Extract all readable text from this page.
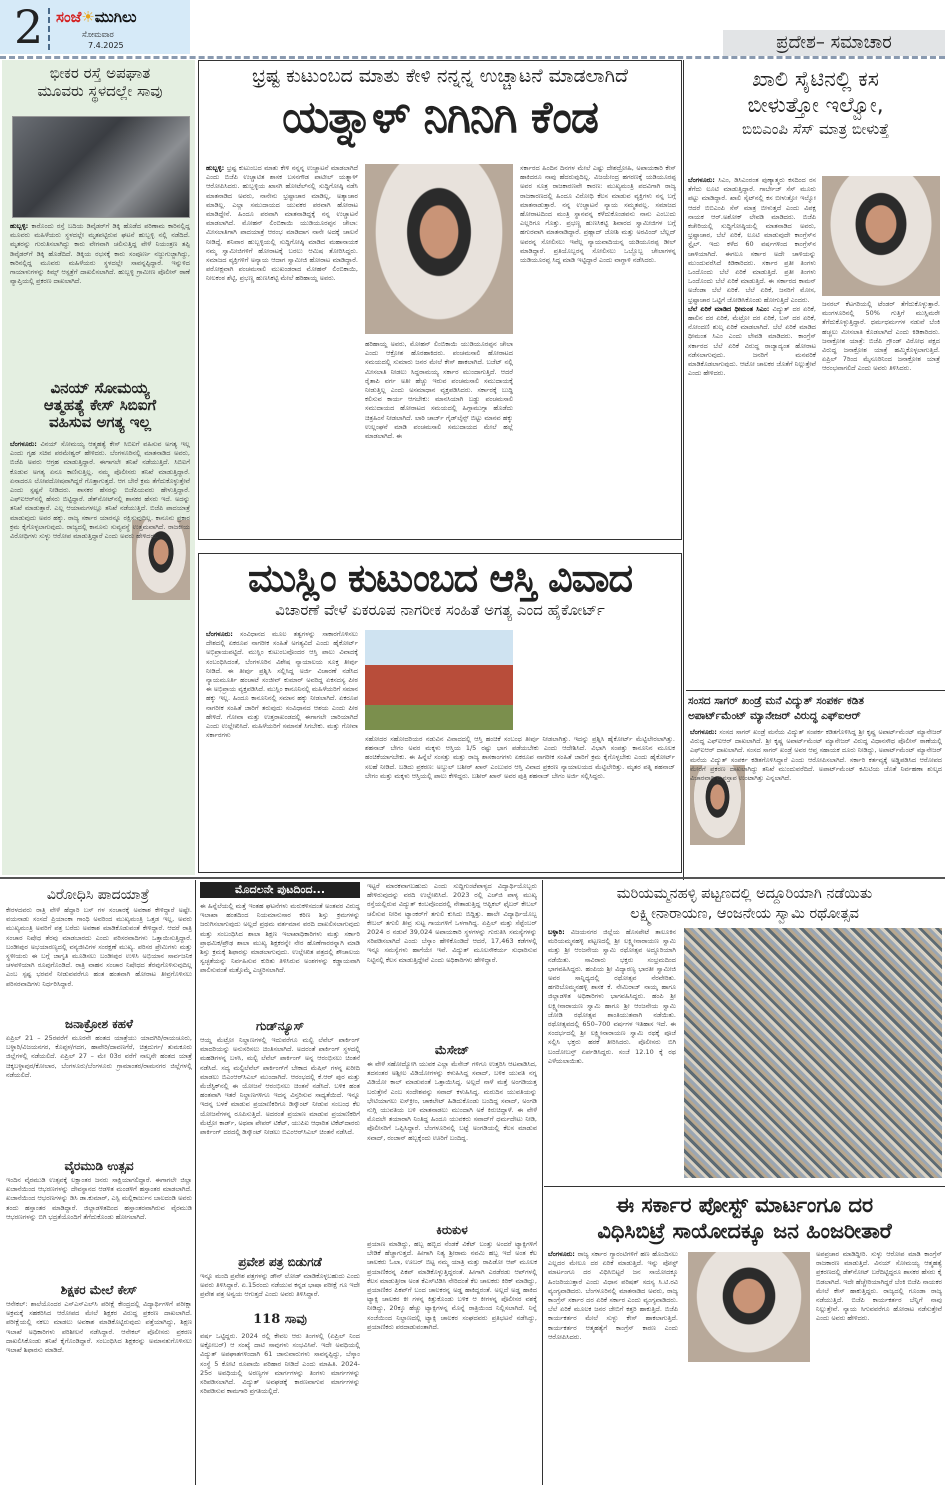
2 ಸಂಜೆ☀ಮುಗಿಲು
ಸೋಮವಾರ
7.4.2025	ಪ್ರದೇಶ– ಸಮಾಚಾರ
ಭೀಕರ ರಸ್ತೆ ಅಪಘಾತ
ಮೂವರು ಸ್ಥಳದಲ್ಲೇ ಸಾವು
ಹುಬ್ಬಳ್ಳಿ: ಕಾರೊಂದು ರಸ್ತೆ ಬದಿಯ ಡಿವೈಡರ್‌ಗೆ ಡಿಕ್ಕಿ ಹೊಡೆದ ಪರಿಣಾಮ ಕಾರಿನಲ್ಲಿದ್ದ ಮೂವರು ಮಹಿಳೆಯರು ಸ್ಥಳದಲ್ಲೇ ಮೃತಪಟ್ಟಿರುವ ಘಟನೆ ಹುಬ್ಬಳ್ಳಿ ನಲ್ಲಿ ನಡೆದಿದೆ. ಮೃತರನ್ನು ಗುರುತಿಸಲಾಗಿದ್ದು ಕಾರು ವೇಗವಾಗಿ ಚಲಿಸುತ್ತಿದ್ದ ವೇಳೆ ನಿಯಂತ್ರಣ ತಪ್ಪಿ ಡಿವೈಡರ್‌ಗೆ ಡಿಕ್ಕಿ ಹೊಡೆದಿದೆ. ಡಿಕ್ಕಿಯ ರಭಸಕ್ಕೆ ಕಾರು ಸಂಪೂರ್ಣ ನಜ್ಜುಗುಜ್ಜಾಗಿದ್ದು, ಕಾರಿನಲ್ಲಿದ್ದ ಮೂವರು ಮಹಿಳೆಯರು ಸ್ಥಳದಲ್ಲೇ ಸಾವನ್ನಪ್ಪಿದ್ದಾರೆ. ಇನ್ನುಳಿದ ಗಾಯಾಳುಗಳನ್ನು ಕಿಮ್ಸ್ ಆಸ್ಪತ್ರೆಗೆ ದಾಖಲಿಸಲಾಗಿದೆ. ಹುಬ್ಬಳ್ಳಿ ಗ್ರಾಮೀಣ ಪೊಲೀಸ್ ಠಾಣೆ ವ್ಯಾಪ್ತಿಯಲ್ಲಿ ಪ್ರಕರಣ ದಾಖಲಾಗಿದೆ.
ವಿನಯ್ ಸೋಮಯ್ಯ
ಆತ್ಮಹತ್ಯೆ ಕೇಸ್ ಸಿಬಿಐಗೆ
ವಹಿಸುವ ಅಗತ್ಯ ಇಲ್ಲ
ಬೆಂಗಳೂರು: ವಿನಯ್ ಸೋಮಯ್ಯ ಆತ್ಮಹತ್ಯೆ ಕೇಸ್ ಸಿಬಿಐಗೆ ವಹಿಸುವ ಅಗತ್ಯ ಇಲ್ಲ ಎಂದು ಗೃಹ ಸಚಿವ ಪರಮೇಶ್ವರ್ ಹೇಳಿದರು. ಬೆಂಗಳೂರಿನಲ್ಲಿ ಮಾತನಾಡಿದ ಅವರು, ಬಿಜೆಪಿ ಅವರು ಆಗ್ರಹ ಮಾಡುತ್ತಿದ್ದಾರೆ. ಈಗಾಗಲೇ ತನಿಖೆ ನಡೆಯುತ್ತಿದೆ. ಸಿಬಿಐಗೆ ಕೊಡುವ ಅಗತ್ಯ ಏನೂ ಕಾಣಿಸುತ್ತಿಲ್ಲ. ನಮ್ಮ ಪೊಲೀಸರು ತನಿಖೆ ಮಾಡುತ್ತಿದ್ದಾರೆ. ಏನಾದರೂ ಲೋಪದೋಷವಾಗಿದ್ದರೆ ಗೊತ್ತಾಗುತ್ತದೆ. ಆಗ ಬೇರೆ ಕ್ರಮ ತೆಗೆದುಕೊಳ್ಳುತ್ತೇವೆ ಎಂದು ಸ್ಪಷ್ಟನೆ ನೀಡಿದರು. ಶಾಸಕರ ಹೆಸರನ್ನು ಬಿಜೆಪಿಯವರು ಹೇಳುತ್ತಿದ್ದಾರೆ. ಎಫ್‌ಐಆರ್‌ನಲ್ಲಿ ಹೆಸರು ಬಿಟ್ಟಿದ್ದಾರೆ. ಡೆತ್‌ನೋಟ್‌ನಲ್ಲಿ ಶಾಸಕರ ಹೆಸರು ಇದೆ. ಅದನ್ನು ತನಿಖೆ ಮಾಡುತ್ತಾರೆ. ಎಲ್ಲ ಆಯಾಮಗಳಲ್ಲೂ ತನಿಖೆ ನಡೆಯುತ್ತಿದೆ. ಬಿಜೆಪಿ ಪಾದಯಾತ್ರೆ ಮಾಡುವುದು ಅವರ ಹಕ್ಕು. ರಾಜ್ಯ ಸರ್ಕಾರ ಯಾರನ್ನೂ ರಕ್ಷಿಸುವುದಿಲ್ಲ. ಕಾನೂನು ಪ್ರಕಾರ ಕ್ರಮ ಕೈಗೊಳ್ಳಲಾಗುವುದು. ರಾಜ್ಯದಲ್ಲಿ ಕಾನೂನು ಸುವ್ಯವಸ್ಥೆ ಉತ್ತಮವಾಗಿದೆ. ರಾಜಕೀಯ ವಿರೋಧಿಗಳು ಸುಳ್ಳು ಆರೋಪ ಮಾಡುತ್ತಿದ್ದಾರೆ ಎಂದು ಅವರು ಹೇಳಿದರು.
ಭ್ರಷ್ಟ ಕುಟುಂಬದ ಮಾತು ಕೇಳಿ ನನ್ನನ್ನ ಉಚ್ಚಾಟನೆ ಮಾಡಲಾಗಿದೆ
ಯತ್ನಾಳ್ ನಿಗಿನಿಗಿ ಕೆಂಡ
ಹುಬ್ಬಳ್ಳಿ: ಭ್ರಷ್ಟ ಕುಟುಂಬದ ಮಾತು ಕೇಳಿ ನನ್ನನ್ನ ಉಚ್ಚಾಟನೆ ಮಾಡಲಾಗಿದೆ ಎಂದು ಬಿಜೆಪಿ ಉಚ್ಚಾಟಿತ ಶಾಸಕ ಬಸನಗೌಡ ಪಾಟೀಲ್ ಯತ್ನಾಳ್ ಆರೋಪಿಸಿದರು. ಹುಬ್ಬಳ್ಳಿಯ ಖಾಸಗಿ ಹೋಟೆಲ್‌ನಲ್ಲಿ ಸುದ್ದಿಗೋಷ್ಠಿ ನಡೆಸಿ ಮಾತನಾಡಿದ ಅವರು, ನಾನೇನು ಭ್ರಷ್ಟಾಚಾರ ಮಾಡಿಲ್ಲ, ಅತ್ಯಾಚಾರ ಮಾಡಿಲ್ಲ. ಎಲ್ಲಾ ಸಮುದಾಯದ ಯುವಕರ ಪರವಾಗಿ ಹೋರಾಟ ಮಾಡಿದ್ದೇನೆ. ಹಿಂದೂ ಪರವಾಗಿ ಮಾತನಾಡಿದ್ದಕ್ಕೆ ನನ್ನ ಉಚ್ಚಾಟನೆ ಮಾಡಲಾಗಿದೆ. ಮೋಹನ್ ಲಿಂಬಿಕಾಯಿ ಯುಡಿಯೂರಪ್ಪನ ಚೇಲಾ: ಮೀಸಲಾತಿಗಾಗಿ ಪಾದಯಾತ್ರೆ ಆರಂಭ ಮಾಡಿದಾಗ ನಾನೇ ಅದಕ್ಕೆ ಚಾಲನೆ ನೀಡಿದ್ದೆ. ಶನಿವಾರ ಹುಬ್ಬಳ್ಳಿಯಲ್ಲಿ ಸುದ್ದಿಗೋಷ್ಠಿ ಮಾಡಿದ ಮಹಾನಾಯಕ ನಮ್ಮ ಸ್ವಾಮೀಜಿಗಳಿಗೆ ಹೋರಾಟಕ್ಕೆ ಬರಲು ಆಮಿಷ ತೋರಿಸಿದ್ದರು. ಸಮಾಜದ ವ್ಯಕ್ತಿಗಳಿಗೆ ಅನ್ಯಾಯ ಆದಾಗ ಸ್ವಾಮೀಜಿ ಹೋರಾಟ ಮಾಡಿದ್ದಾರೆ. ಪರೋಕ್ಷವಾಗಿ ಪಂಚಮಸಾಲಿ ಮುಖಂಡರಾದ ಮೋಹನ್ ಲಿಂಬಿಕಾಯಿ, ನೀಲಕಂಠ ಶೆಟ್ಟಿ, ಪ್ರಭಣ್ಣ ಹುಣಸಿಕಟ್ಟಿ ಮೇಲೆ ಹರಿಹಾಯ್ದ ಅವರು.
ಹರಿಹಾಯ್ದ ಅವರು, ಮೋಹನ್ ಲಿಂಬಿಕಾಯಿ ಯುಡಿಯೂರಪ್ಪನ ಚೇಲಾ ಎಂದು ಆಕ್ರೋಶ ಹೊರಹಾಕಿದರು. ಪಂಚಮಸಾಲಿ ಹೋರಾಟದ ಸಮಯದಲ್ಲಿ ಸುಮಾರು ಜನರ ಮೇಲೆ ಕೇಸ್ ಹಾಕಲಾಗಿದೆ. ಬಜೆಟ್ ನಲ್ಲಿ ಮೀಸಲಾತಿ ನೀಡಲು ಸಿದ್ದರಾಮಯ್ಯ ಸರ್ಕಾರ ಮುಂದಾಗುತ್ತಿದೆ. ಆದರೆ ರೈತಾಪಿ ವರ್ಗ ಅತೀ ಹೆಚ್ಚು ಇರುವ ಪಂಚಮಸಾಲಿ ಸಮುದಾಯಕ್ಕೆ ನೀಡುತ್ತಿಲ್ಲ ಎಂದು ಅಸಮಾಧಾನ ವ್ಯಕ್ತಪಡಿಸಿದರು. ಸರ್ಕಾರಕ್ಕೆ ಬುದ್ಧಿ ಕಲಿಸುವ ಕಾರ್ಯ ಆಗಬೇಕು: ಮಾನಸಿಯಾಗಿ ಬಡ್ಡು ಪಂಚಮಸಾಲಿ ಸಮುದಾಯದ ಹೋರಾಟದ ಸಮಯದಲ್ಲಿ ಹಿಗ್ಗಾಮುಗ್ಗಾ ಹೊಡೆದು ಚಿತ್ರಹಿಂಸೆ ನೀಡಲಾಗಿದೆ. ಲಾಠಿ ಚಾರ್ಜ್ ಗೈಡ್‌ಲೈನ್ಸ್ ಬಿಟ್ಟು ಮಾನವ ಹಕ್ಕು ಉಲ್ಲಂಘನೆ ಮಾಡಿ ಪಂಚಮಸಾಲಿ ಸಮುದಾಯದ ಮೇಲೆ ಹಲ್ಲೆ ಮಾಡಲಾಗಿದೆ. ಈ
ಸರ್ಕಾರದ ಹಿಂದಿನ ದಿನಗಳ ಮೇಲೆ ಎಷ್ಟು ದೇಶದ್ರೋಹಿ, ಅಪಾಯಕಾರಿ ಕೇಸ್ ಹಾಕಿದರೂ ನಾವು ಹೆದರುವುದಿಲ್ಲ. ವಿಜಯೇಂದ್ರ ಹಗರಣಕ್ಕೆ ಯಡಿಯೂರಪ್ಪ ಅವರ ಸೂತ್ರ ರಾಜಕಾರಣವೇ ಕಾರಣ: ಮುಖ್ಯಮಂತ್ರಿ ಪದವಿಗಾಗಿ ರಾಜ್ಯ ರಾಜಕಾರಣದಲ್ಲಿ ಹಿಂದೂ ವಿರೋಧಿ ಕೆಲಸ ಮಾಡುವ ವ್ಯಕ್ತಿಗಳು ನನ್ನ ಬಗ್ಗೆ ಮಾತನಾಡುತ್ತಾರೆ. ನನ್ನ ಉಚ್ಚಾಟನೆ ನ್ಯಾಯ ಸಮ್ಮತವಲ್ಲ. ಸಮಾಜದ ಹೋರಾಟದಿಂದ ಮಂತ್ರಿ ಸ್ಥಾನವನ್ನ ಕಳೆದುಕೊಂಡವನು ನಾನು ಎಂಬುದು ಎಲ್ಲರಿಗೂ ಗೊತ್ತು. ಪ್ರಭಣ್ಣ ಹುಣಸಿಕಟ್ಟಿ ಶಿವಾರದ ಸ್ವಾಮೀಜಿಗಳ ಬಗ್ಗೆ ಹಗುರವಾಗಿ ಮಾತನಾಡಿದ್ದಾರೆ. ಪ್ರಹ್ಲಾದ್ ಜೋಶಿ ಮತ್ತು ಅರವಿಂದ್ ಬೆಲ್ಲದ್ ಅವರನ್ನ ಸೋಲಿಸಲು ಇವೆಲ್ಲ ನ್ಯಾಯವಾದಿಯನ್ನ ಯಡಿಯೂರಪ್ಪ ಡೀಲ್ ಮಾಡಿದ್ದಾರೆ. ಪ್ರತಿಯೊಬ್ಬರನ್ನ ಸೋಲಿಸಲು ಒಬ್ಬೊಬ್ಬ ಚೇಲಾಗಳನ್ನ ಯಡಿಯೂರಪ್ಪ ಸಿದ್ಧ ಮಾಡಿ ಇಟ್ಟಿದ್ದಾರೆ ಎಂದು ವಾಗ್ದಾಳಿ ನಡೆಸಿದರು.
ಖಾಲಿ ಸೈಟಿನಲ್ಲಿ ಕಸ
ಬೀಳುತ್ತೋ ಇಲ್ವೋ,
ಬಿಬಿಎಂಪಿ ಸೆಸ್ ಮಾತ್ರ ಬೀಳುತ್ತೆ
ಬೆಂಗಳೂರು: ಸಿಎಂ, ಡಿಸಿಎಂರಂತ ಪುಣ್ಯಾತ್ಮರು ಕಸದಿಂದ ರಸ ತೆಗೆದು ಲೂಟಿ ಮಾಡುತ್ತಿದ್ದಾರೆ. ಗಾರ್ಬೇಜ್ ಸೆಸ್ ಮೂರು ಪಟ್ಟು ಮಾಡಿದ್ದಾರೆ. ಖಾಲಿ ಸೈಟ್‌ನಲ್ಲಿ ಕಸ ಬೀಳುತ್ತೋ ಇಲ್ವೋ ಆದರೆ ಬಿಬಿಎಂಪಿ ಸೆಸ್ ಮಾತ್ರ ಬೀಳುತ್ತದೆ ಎಂದು ವಿಪಕ್ಷ ನಾಯಕ ಆರ್.ಅಶೋಕ್ ಲೇವಡಿ ಮಾಡಿದರು. ಬಿಜೆಪಿ ಕಚೇರಿಯಲ್ಲಿ ಸುದ್ದಿಗೋಷ್ಠಿಯಲ್ಲಿ ಮಾತನಾಡಿದ ಅವರು, ಭ್ರಷ್ಟಾಚಾರ, ಬೆಲೆ ಏರಿಕೆ, ಲೂಟಿ ಮಾಡುವುದೇ ಕಾಂಗ್ರೆಸ್‌ನ ಸ್ಟೈಲ್. ಇದು ಕಳೆದ 60 ವರ್ಷಗಳಿಂದ ಕಾಂಗ್ರೆಸ್‌ನ ಚಾಳಿಯಾಗಿದೆ. ಈಗಲೂ ಸರ್ಕಾರ ಅದೇ ಚಾಳಿಯನ್ನು ಮುಂದುವರೆಸಿದೆ ಕಿಡಿಕಾರಿದರು. ಸರ್ಕಾರ ಪ್ರತೀ ತಿಂಗಳು ಒಂದೊಂದು ಬೆಲೆ ಏರಿಕೆ ಮಾಡುತ್ತಿದೆ. ಪ್ರತೀ ತಿಂಗಳು ಒಂದೊಂದು ಬೆಲೆ ಏರಿಕೆ ಮಾಡುತ್ತಿದೆ. ಈ ಸರ್ಕಾರದ ಕಾಮನ್ ಅಜೆಂಡಾ ಬೆಲೆ ಏರಿಕೆ. ಬೆಲೆ ಏರಿಕೆ, ಜನರಿಗೆ ಮೋಸ, ಭ್ರಷ್ಟಾಚಾರ ಒಟ್ಟಿಗೆ ಜೋಡಿಸಿಕೊಂಡು ಹೋಗುತ್ತಿದೆ ಎಂದರು.
ಬೆಲೆ ಏರಿಕೆ ಮಾಡಿದ ಧೀಮಂತ ಸಿಎಂ: ವಿದ್ಯುತ್ ದರ ಏರಿಕೆ, ಹಾಲಿನ ದರ ಏರಿಕೆ, ಮೆಟ್ರೋ ದರ ಏರಿಕೆ, ಬಸ್ ದರ ಏರಿಕೆ, ನೋಂದಣಿ ಶುಲ್ಕ ಏರಿಕೆ ಮಾಡಲಾಗಿದೆ. ಬೆಲೆ ಏರಿಕೆ ಮಾಡಿದ ಧೀಮಂತ ಸಿಎಂ ಎಂದು ಲೇವಡಿ ಮಾಡಿದರು. ಕಾಂಗ್ರೆಸ್ ಸರ್ಕಾರದ ಬೆಲೆ ಏರಿಕೆ ವಿರುದ್ಧ ರಾಜ್ಯಾದ್ಯಂತ ಹೋರಾಟ ನಡೆಸಲಾಗುವುದು. ಜನರಿಗೆ ಮನವರಿಕೆ ಮಾಡಿಕೊಡಲಾಗುವುದು. ಆಟೋ ಚಾಲಕರ ಜೊತೆಗೆ ನಿಲ್ಲುತ್ತೇವೆ ಎಂದು ಹೇಳಿದರು.
ಜನರಲ್ ಕೆಟಗರಿಯಲ್ಲಿ ಟೆಂಡರ್ ತೆಗೆದುಕೊಳ್ಳುತ್ತಾರೆ. ಮಂಗಳೂರಿನಲ್ಲಿ 50% ಗುತ್ತಿಗೆ ಮುಸ್ಲಿಮರೇ ತೆಗೆದುಕೊಳ್ಳುತ್ತಿದ್ದಾರೆ. ಧರ್ಮಧರ್ಮಗಳ ನಡುವೆ ಬೆಂಕಿ ಹಚ್ಚಲು ಮೀಸಲಾತಿ ಕೊಡಲಾಗಿದೆ ಎಂದು ಕಿಡಿಕಾರಿದರು. ಜನಾಕ್ರೋಶ ಯಾತ್ರೆ: ಬಿಜೆಪಿ ಗ್ರೌಂಡ್ ವಿರೋಧ ಪಕ್ಷದ ವಿರುದ್ಧ ಜನಾಕ್ರೋಶ ಯಾತ್ರೆ ಹಮ್ಮಿಕೊಳ್ಳಲಾಗುತ್ತಿದೆ. ಏಪ್ರಿಲ್ 7ರಿಂದ ಮೈಸೂರಿನಿಂದ ಜನಾಕ್ರೋಶ ಯಾತ್ರೆ ಆರಂಭವಾಗಲಿದೆ ಎಂದು ಅವರು ತಿಳಿಸಿದರು.
ಸಂಸದ ಸಾಗರ್ ಖಂಡ್ರೆ ಮನೆ ವಿದ್ಯುತ್ ಸಂಪರ್ಕ ಕಡಿತ
ಅಪಾರ್ಟ್‌ಮೆಂಟ್ ಮ್ಯಾನೇಜರ್ ವಿರುದ್ಧ ಎಫ್‌ಐಆರ್
ಬೆಂಗಳೂರು: ಸಂಸದ ಸಾಗರ್ ಖಂಡ್ರೆ ಮನೆಯ ವಿದ್ಯುತ್ ಸಂಪರ್ಕ ಕಡಿತಗೊಳಿಸಿದ್ದ ಶ್ರೀ ಕೃಷ್ಣ ಅಪಾರ್ಟ್‌ಮೆಂಟ್ ಮ್ಯಾನೇಜರ್ ವಿರುದ್ಧ ಎಫ್‌ಐಆರ್ ದಾಖಲಾಗಿದೆ. ಶ್ರೀ ಕೃಷ್ಣ ಅಪಾರ್ಟ್‌ಮೆಂಟ್ ಮ್ಯಾನೇಜರ್ ವಿರುದ್ಧ ವಿಧಾನಸೌಧ ಪೊಲೀಸ್ ಠಾಣೆಯಲ್ಲಿ ಎಫ್‌ಐಆರ್ ದಾಖಲಾಗಿದೆ. ಸಂಸದ ಸಾಗರ್ ಖಂಡ್ರೆ ಅವರ ಆಪ್ತ ಸಹಾಯಕ ದೂರು ನೀಡಿದ್ದು, ಅಪಾರ್ಟ್‌ಮೆಂಟ್ ಮ್ಯಾನೇಜರ್ ಮನೆಯ ವಿದ್ಯುತ್ ಸಂಪರ್ಕ ಕಡಿತಗೊಳಿಸಿದ್ದಾರೆ ಎಂದು ಆರೋಪಿಸಲಾಗಿದೆ. ಸರ್ಕಾರಿ ಕರ್ತವ್ಯಕ್ಕೆ ಅಡ್ಡಿಪಡಿಸಿದ ಆರೋಪದ ಮೇರೆಗೆ ಪ್ರಕರಣ ದಾಖಲಾಗಿದ್ದು ತನಿಖೆ ಮುಂದುವರೆದಿದೆ. ಅಪಾರ್ಟ್‌ಮೆಂಟ್ ಕಮಿಟಿಯ ಜೊತೆ ನಿರ್ವಹಣಾ ಶುಲ್ಕದ ವಿಚಾರವಾಗಿ ಮನಸ್ತಾಪ ಉಂಟಾಗಿತ್ತು ಎನ್ನಲಾಗಿದೆ.
ಮುಸ್ಲಿಂ ಕುಟುಂಬದ ಆಸ್ತಿ ವಿವಾದ
ವಿಚಾರಣೆ ವೇಳೆ ಏಕರೂಪ ನಾಗರೀಕ ಸಂಹಿತೆ ಅಗತ್ಯ ಎಂದ ಹೈಕೋರ್ಟ್
ಬೆಂಗಳೂರು: ಸಂವಿಧಾನದ ಮೂಲ ತತ್ವಗಳನ್ನು ಸಾಕಾರಗೊಳಿಸಲು ದೇಶದಲ್ಲಿ ಏಕರೂಪ ನಾಗರೀಕ ಸಂಹಿತೆ ಅಗತ್ಯವಿದೆ ಎಂದು ಹೈಕೋರ್ಟ್ ಅಭಿಪ್ರಾಯಪಟ್ಟಿದೆ. ಮುಸ್ಲಿಂ ಕುಟುಂಬವೊಂದರ ಆಸ್ತಿ ಪಾಲು ವಿವಾದಕ್ಕೆ ಸಂಬಂಧಿಸಿದಂತೆ, ಬೆಂಗಳೂರಿನ ವಿಶೇಷ ನ್ಯಾಯಾಲಯ ಸೂಕ್ತ ತೀರ್ಪು ನೀಡಿದೆ. ಈ ತೀರ್ಪು ಪ್ರಶ್ನಿಸಿ ಸಲ್ಲಿಸಿದ್ದ ಅರ್ಜಿ ವಿಚಾರಣೆ ನಡೆಸಿದ ನ್ಯಾಯಮೂರ್ತಿ ಹಂಚಾಟೆ ಸಂಜೀವ್ ಕುಮಾರ್ ಅವರಿದ್ದ ಏಕಸದಸ್ಯ ಪೀಠ ಈ ಅಭಿಪ್ರಾಯ ವ್ಯಕ್ತಪಡಿಸಿದೆ. ಮುಸ್ಲಿಂ ಕಾನೂನಿನಲ್ಲಿ ಮಹಿಳೆಯರಿಗೆ ಸಮಾನ ಹಕ್ಕು ಇಲ್ಲ. ಹಿಂದೂ ಕಾನೂನಿನಲ್ಲಿ ಸಮಾನ ಹಕ್ಕು ನೀಡಲಾಗಿದೆ. ಏಕರೂಪ ನಾಗರೀಕ ಸಂಹಿತೆ ಜಾರಿಗೆ ತರುವುದು ಸಂವಿಧಾನದ ಆಶಯ ಎಂದು ಪೀಠ ಹೇಳಿದೆ. ಗೋವಾ ಮತ್ತು ಉತ್ತರಾಖಂಡದಲ್ಲಿ ಈಗಾಗಲೇ ಜಾರಿಯಾಗಿದೆ ಎಂದು ಉಲ್ಲೇಖಿಸಿದೆ. ಮಹಿಳೆಯರಿಗೆ ಸಮಾನತೆ ಸಿಗಬೇಕು. ಮತ್ತು ಗೋವಾ ಸರ್ಕಾರಗಳು	ಸಹೋದರ ಸಹೋದರಿಯರ ನಡುವಿನ ವಿವಾದದಲ್ಲಿ ಆಸ್ತಿ ಹಂಚಿಕೆ ಸಂಬಂಧ ತೀರ್ಪು ನೀಡಲಾಗಿತ್ತು. ಇದನ್ನು ಪ್ರಶ್ನಿಸಿ ಹೈಕೋರ್ಟ್ ಮೆಟ್ಟಿಲೇರಲಾಗಿತ್ತು. ಶಹನಾಜ್ ಬೇಗಂ ಅವರ ಮಕ್ಕಳು ಆಸ್ತಿಯ 1/5 ರಷ್ಟು ಭಾಗ ಪಡೆಯಬೇಕು ಎಂದು ಆದೇಶಿಸಿದೆ. ವಿಭಾಗಿ ಸಂಪತ್ತು ಕಾನೂನಿನ ಮೂಲಕ ಹಂಚಿಕೆಯಾಗಬೇಕು. ಈ ಹಿನ್ನೆಲೆ ಸಂಸತ್ತು ಮತ್ತು ರಾಜ್ಯ ಶಾಸಕಾಂಗಗಳು ಏಕರೂಪ ನಾಗರೀಕ ಸಂಹಿತೆ ಜಾರಿಗೆ ಕ್ರಮ ಕೈಗೊಳ್ಳಬೇಕು ಎಂದು ಹೈಕೋರ್ಟ್ ಸಲಹೆ ನೀಡಿದೆ. ಬಡಿದು ಪ್ರಕರಣ: ಅಬ್ದುಲ್ ಬಶೀರ್ ಖಾನ್ ಎಂಬುವರ ಆಸ್ತಿ ವಿವಾದ ಪ್ರಕರಣ ನ್ಯಾಯಾಲಯದ ಮೆಟ್ಟಿಲೇರಿತ್ತು. ಮೃತರ ಪತ್ನಿ ಶಹನಾಜ್ ಬೇಗಂ ಮತ್ತು ಮಕ್ಕಳು ಆಸ್ತಿಯಲ್ಲಿ ಪಾಲು ಕೇಳಿದ್ದರು. ಬಶೀರ್ ಖಾನ್ ಅವರ ಪುತ್ರಿ ಶಹನಾಜ್ ಬೇಗಂ ಅರ್ಜಿ ಸಲ್ಲಿಸಿದ್ದರು.
ವಿರೋಧಿಸಿ ಪಾದಯಾತ್ರೆ
ಕೇರಳದವರು ರಾತ್ರಿ ವೇಳೆ ಹೆದ್ದಾರಿ ಬಸ್ ಗಳ ಸಂಚಾರಕ್ಕೆ ಅವಕಾಶ ಕೇಳಿದ್ದಾರೆ ಅಷ್ಟೇ. ವಯನಾಡು ಸಂಸದೆ ಪ್ರಿಯಾಂಕಾ ಗಾಂಧಿ ಅವರಿಂದ ಮುಖ್ಯಮಂತ್ರಿ ಒತ್ತಡ ಇಲ್ಲ, ಅವರು ಮುಖ್ಯಮಂತ್ರಿ ಅವರಿಗೆ ಪತ್ರ ಬರೆದು ಅವಕಾಶ ಮಾಡಿಕೊಡುವಂತೆ ಕೇಳಿದ್ದಾರೆ. ಆದರೆ ರಾತ್ರಿ ಸಂಚಾರ ನಿಷೇಧ ತೆರವು ಮಾಡಬಾರದು ಎಂದು ಪರಿಸರವಾದಿಗಳು ಒತ್ತಾಯಿಸುತ್ತಿದ್ದಾರೆ. ಬಂಡೀಪುರ ಅಭಯಾರಣ್ಯದಲ್ಲಿ ವನ್ಯಜೀವಿಗಳ ಸಂರಕ್ಷಣೆ ಮುಖ್ಯ. ಪರಿಸರ ಪ್ರೇಮಿಗಳು ಮತ್ತು ಸ್ಥಳೀಯರು ಈ ಬಗ್ಗೆ ಜಾಗೃತಿ ಮೂಡಿಸಲು ಬಂಡೀಪುರ ಉಳಿಸಿ ಅಭಿಯಾನ ಸಾರ್ವಜನಿಕ ಚಳವಳಿಯಾಗಿ ರೂಪುಗೊಂಡಿದೆ. ರಾತ್ರಿ ವಾಹನ ಸಂಚಾರ ನಿಷೇಧದ ತೆರವುಗೊಳಿಸುವುದಿಲ್ಲ ಎಂಬ ಸ್ಪಷ್ಟ ಭರವಸೆ ನೀಡುವವರೆಗೂ ಹಂತ ಹಂತವಾಗಿ ಹೋರಾಟ ತೀವ್ರಗೊಳಿಸಲು ಪರಿಸರವಾದಿಗಳು ನಿರ್ಧರಿಸಿದ್ದಾರೆ.
ಜನಾಕ್ರೋಶ ಕಹಳೆ
ಏಪ್ರಿಲ್ 21 – 25ರವರೆಗೆ ಮೂರನೇ ಹಂತದ ಯಾತ್ರೆಯು ಯಾದಗಿರಿ/ರಾಯಚೂರು, ಬಳ್ಳಾರಿ/ವಿಜಯನಗರ, ಕೊಪ್ಪಳ/ಗದಗ, ಹಾವೇರಿ/ದಾವಣಗೆರೆ, ಚಿತ್ರದುರ್ಗ/ ತುಮಕೂರು ಜಿಲ್ಲೆಗಳಲ್ಲಿ ನಡೆಯಲಿದೆ. ಏಪ್ರಿಲ್ 27 – ಮೇ 03ರ ವರೆಗೆ ನಾಲ್ಕನೇ ಹಂತದ ಯಾತ್ರೆ ಚಿಕ್ಕಬಳ್ಳಾಪುರ/ಕೋಲಾರ, ಬೆಂಗಳೂರು/ಬೆಂಗಳೂರು ಗ್ರಾಮಾಂತರ/ರಾಮನಗರ ಜಿಲ್ಲೆಗಳಲ್ಲಿ ನಡೆಯಲಿದೆ.
ವೈರಮುಡಿ ಉತ್ಸವ
ಇಂದಿನ ವೈರಮುಡಿ ಉತ್ಸವಕ್ಕೆ ಲಕ್ಷಾಂತರ ಜನರು ಸಾಕ್ಷಿಯಾಗಲಿದ್ದಾರೆ. ಈಗಾಗಲೇ ಜಿಲ್ಲಾ ಖಜಾನೆಯಿಂದ ಆಭರಣಗಳನ್ನು ದೇವಸ್ಥಾನದ ಆಡಳಿತ ಮಂಡಳಿಗೆ ಹಸ್ತಾಂತರ ಮಾಡಲಾಗಿದೆ. ಖಜಾನೆಯಿಂದ ಆಭರಣಗಳನ್ನು ಡಿಸಿ ಡಾ.ಕುಮಾರ್, ಎಸ್ಪಿ ಮಲ್ಲಿಕಾರ್ಜುನ ಬಾಲದಂಡಿ ಅವರು ತಂದು ಹಸ್ತಾಂತರ ಮಾಡಿದ್ದಾರೆ. ಜಿಲ್ಲಾಡಳಿತದಿಂದ ಹಸ್ತಾಂತರವಾಗಿರುವ ವೈರಮುಡಿ ಆಭರಣಗಳನ್ನು ಬಿಗಿ ಭದ್ರತೆಯೊಂದಿಗೆ ತೆಗೆದುಕೊಂಡು ಹೋಗಲಾಗಿದೆ.
ಶಿಕ್ಷಕರ ಮೇಲೆ ಕೇಸ್
ಆನೇಕಲ್: ಶಾಲೆಯೊಂದರ ಎಸ್ಎಸ್ಎಲ್‌ಸಿ ಪರೀಕ್ಷೆ ಕೇಂದ್ರದಲ್ಲಿ ವಿದ್ಯಾರ್ಥಿಗಳಿಗೆ ಪರೀಕ್ಷಾ ಅಕ್ರಮಕ್ಕೆ ಸಹಕರಿಸಿದ ಆರೋಪದ ಮೇಲೆ ಶಿಕ್ಷಕರ ವಿರುದ್ಧ ಪ್ರಕರಣ ದಾಖಲಾಗಿದೆ. ಪರೀಕ್ಷೆಯಲ್ಲಿ ನಕಲು ಮಾಡಲು ಅವಕಾಶ ಮಾಡಿಕೊಟ್ಟಿರುವುದು ಪತ್ತೆಯಾಗಿದ್ದು, ಶಿಕ್ಷಣ ಇಲಾಖೆ ಅಧಿಕಾರಿಗಳು ಪರಿಶೀಲನೆ ನಡೆಸಿದ್ದಾರೆ. ಆನೇಕಲ್ ಪೊಲೀಸರು ಪ್ರಕರಣ ದಾಖಲಿಸಿಕೊಂಡು ತನಿಖೆ ಕೈಗೊಂಡಿದ್ದಾರೆ. ಸಂಬಂಧಿಸಿದ ಶಿಕ್ಷಕರನ್ನು ಅಮಾನತುಗೊಳಿಸಲು ಇಲಾಖೆ ಶಿಫಾರಸು ಮಾಡಿದೆ.
ಮೊದಲನೇ ಪುಟದಿಂದ...
ಈ ಹಿನ್ನೆಲೆಯಲ್ಲಿ ಮತ್ತೆ ಇಂತಹ ಘಟನೆಗಳು ಮರುಕಳಿಸದಂತೆ ಅಂತವರ ವಿರುದ್ಧ ಇಲಾಖಾ ಹಂತದಿಂದ ನಿಯಮಾನುಸಾರ ಕಠಿಣ ಶಿಸ್ತು ಕ್ರಮಗಳನ್ನು ಜರುಗಿಸಲಾಗುವುದು ಅಲ್ಲದೆ ಪ್ರಥಮ ವರ್ತಮಾನ ವರದಿ ದಾಖಲಿಸಲಾಗುವುದು ಮತ್ತು ಸಂಬಂಧಿಸಿದ ಶಾಲಾ ಶಿಕ್ಷಣ ಇಲಾಖಾಧಿಕಾರಿಗಳು ಮತ್ತು ಸರ್ಕಾರಿ ಪ್ರಾಥಮಿಕ/ಪ್ರೌಢ ಶಾಲಾ ಮುಖ್ಯ ಶಿಕ್ಷಕರನ್ನೇ ನೇರ ಹೊಣೆಗಾರರನ್ನಾಗಿ ಮಾಡಿ ಶಿಸ್ತು ಕ್ರಮಕ್ಕೆ ಶಿಫಾರಸ್ಸು ಮಾಡಲಾಗುವುದು. ಉಲ್ಲೇಖಿತ ಪತ್ರದಲ್ಲಿ ಶೌಚಾಲಯ ಸ್ವಚ್ಛತೆಯನ್ನು ನಿರ್ವಹಿಸುವ ಕುರಿತು ತಿಳಿಸಿರುವ ಅಂಶಗಳನ್ನು ಕಡ್ಡಾಯವಾಗಿ ಪಾಲಿಸುವಂತೆ ಮತ್ತೊಮ್ಮೆ ಎಚ್ಚರಿಸಲಾಗಿದೆ.
ಗುಡ್‌ನ್ಯೂಸ್
ಆಯ್ದ ಮೆಟ್ರೋ ನಿಲ್ದಾಣಗಳಲ್ಲಿ ಇದುವರೆಗೂ ಮಲ್ಟಿ ಲೆವೆಲ್ ಪಾರ್ಕಿಂಗ್ ಮಾದರಿಯನ್ನು ಅನುಸರಿಸಲು ಚಿಂತಿಸಲಾಗಿದೆ. ಅದರಂತೆ ಪಾರ್ಕಿಂಗ್ ಸ್ಥಳದಲ್ಲಿ ಮಹಡಿಗಳನ್ನ ಬಳಸಿ, ಮಲ್ಟಿ ಲೆವೆಲ್ ಪಾರ್ಕಿಂಗ್ ಅನ್ನ ಆರಂಭಿಸಲು ಚಿಂತನೆ ನಡೆಸಿದೆ. ಸದ್ಯ ಮಲ್ಟಿಲೆವೆಲ್ ಪಾರ್ಕಿಂಗ್‌ಗೆ ಬೇಕಾದ ಮೆಷಿನ್ ಗಳನ್ನ ಖರೀದಿ ಮಾಡಲು ಬಿಎಂಆರ್‌ಸಿಎಲ್ ಮುಂದಾಗಿದೆ. ಆರಂಭದಲ್ಲಿ ಕೆ.ಆರ್ ಪುರ ಮತ್ತು ಮೆಜೆಸ್ಟಿಕ್‌ನಲ್ಲಿ ಈ ಯೋಜನೆ ಆರಂಭಿಸಲು ಚಿಂತನೆ ನಡೆಸಿದೆ. ಬಳಿಕ ಹಂತ ಹಂತವಾಗಿ ಇತರೆ ನಿಲ್ದಾಣಗಳಿಗೂ ಇದನ್ನ ವಿಸ್ತರಿಸುವ ಸಾಧ್ಯತೆಯಿದೆ. ಇನ್ನೂ ಇದನ್ನ ಬಳಕೆ ಮಾಡುವ ಪ್ರಯಾಣಿಕರಿಗೂ ಡಿಸ್ಕೌಂಟ್ ನೀಡುವ ಸಂಬಂಧ ಕೆಲ ಯೋಜನೆಗಳನ್ನ ರೂಪಿಸುತ್ತಿದೆ. ಅದರಂತೆ ಪ್ರಯಾಣ ಮಾಡುವ ಪ್ರಯಾಣಿಕರಿಗೆ ಮೆಟ್ರೋ ಕಾರ್ಡ್, ಅಥವಾ ಪೇಪರ್ ಟಿಕೆಟ್, ಯುಪಿಐ ಆಧಾರಿತ ಟಿಕೆಟ್‌ದಾರರು ಪಾರ್ಕಿಂಗ್ ದರದಲ್ಲಿ ಡಿಸ್ಕೌಂಟ್ ನೀಡಲು ಬಿಎಂಆರ್‌ಸಿಎಲ್ ಚಿಂತನೆ ನಡೆಸಿದೆ.
ಪ್ರವೇಶ ಪತ್ರ ಬಿಡುಗಡೆ
ಇನ್ನೂ ಮಂದಿ ಪ್ರವೇಶ ಪತ್ರಗಳನ್ನು ಡೌನ್ ಲೋಡ್ ಮಾಡಿಕೊಳ್ಳಬಹುದು ಎಂದು ಅವರು ತಿಳಿಸಿದ್ದಾರೆ. ಏ.15ರಂದು ನಡೆಯುವ ಕನ್ನಡ ಭಾಷಾ ಪರೀಕ್ಷೆ ಗೂ ಇದೇ ಪ್ರವೇಶ ಪತ್ರ ಅನ್ವಯ ಆಗುತ್ತದೆ ಎಂದು ಅವರು ತಿಳಿಸಿದ್ದಾರೆ.
118 ಸಾವು
ವರ್ಷ ಒಟ್ಟಿದ್ದರು. 2024 ರಲ್ಲಿ ಕೇವಲ ಆರು ತಿಂಗಳಲ್ಲಿ (ಏಪ್ರಿಲ್ ನಿಂದ ಅಕ್ಟೋಬರ್) ಆ ಸಂಖ್ಯೆ ದಾಟಿ ಸಾವುಗಳು ಸಂಭವಿಸಿವೆ. ಇದೇ ಅವಧಿಯಲ್ಲಿ ವಿದ್ಯುತ್ ಅಪಘಾತಗಳಿಂದಾಗಿ 61 ಜಾನುವಾರುಗಳು ಸಾವನ್ನಪ್ಪಿದ್ದು, ಬೆಸ್ಕಾಂ ಸಂಸ್ಥೆ 5 ಕೋಟಿ ರೂಪಾಯಿ ಪರಿಹಾರ ನೀಡಿದೆ ಎಂದು ಮಾಹಿತಿ. 2024-25ರ ಅವಧಿಯಲ್ಲಿ ಅರಣ್ಯಗಳ ಮಾರ್ಗಗಳನ್ನು ತಿಂಗಳು ಮಾರ್ಗಗಳನ್ನು ಸರಿಪಡಿಸಲಾಗಿದೆ. ವಿದ್ಯುತ್ ಅವಘಡಕ್ಕೆ ಕಾರಣವಾಗುವ ಮಾರ್ಗಗಳನ್ನು ಸರಿಪಡಿಸುವ ಕಾಮಗಾರಿ ಪ್ರಗತಿಯಲ್ಲಿದೆ.
ಇಟ್ಟರೆ ಮಾರಕವಾಗಬಹುದು ಎಂದು ಸುದ್ದಿಗುಂಟೆಪಾಳ್ಯದ ವಿದ್ಯಾರ್ಥಿಯೊಬ್ಬರು ಹೇಳಿರುವುದನ್ನು ವರದಿ ಉಲ್ಲೇಖಿಸಿದೆ. 2023 ರಲ್ಲಿ ಎಚ್‌ಜಿ ಪಾಳ್ಯ ಮುಖ್ಯ ರಸ್ತೆಯಲ್ಲಿರುವ ವಿದ್ಯುತ್ ಕಂಬವೊಂದರಲ್ಲಿ ನೇತಾಡುತ್ತಿದ್ದ ಆಪ್ಟಿಕಲ್ ಫೈಬರ್ ಕೇಬಲ್ ಚಲಿಸುವ ನೀರಿನ ಟ್ಯಾಂಕರ್‌ಗೆ ತಗುಲಿ ಕುಸಿದು ಬಿದ್ದಿತ್ತು. ಹಾಲೇ ವಿದ್ಯಾರ್ಥಿಯೊಬ್ಬ ಕೇಬಲ್ ತಗುಲಿ ತೀವ್ರ ಸುಟ್ಟ ಗಾಯಗಳಿಗೆ ಒಳಗಾಗಿದ್ದ. ಏಪ್ರಿಲ್ ಮತ್ತು ಸೆಪ್ಟೆಂಬರ್ 2024 ರ ನಡುವೆ 39,024 ಅಪಾಯಕಾರಿ ಸ್ಥಳಗಳನ್ನು ಗುರುತಿಸಿ ಸಮಸ್ಯೆಗಳನ್ನು ಸರಿಪಡಿಸಲಾಗಿದೆ ಎಂದು ಬೆಸ್ಕಾಂ ಹೇಳಿಕೊಂಡಿದೆ ಆದರೆ, 17,463 ಕಡೆಗಳಲ್ಲಿ ಇನ್ನೂ ಸಮಸ್ಯೆಗಳು ಹಾಗೆಯೇ ಇವೆ. ವಿದ್ಯುತ್ ಮೂಲಸೌಕರ್ಯ ಸುಧಾರಿಸುವ ನಿಟ್ಟಿನಲ್ಲಿ ಕೆಲಸ ಮಾಡುತ್ತಿದ್ದೇವೆ ಎಂದು ಅಧಿಕಾರಿಗಳು ಹೇಳಿದ್ದಾರೆ.
ಮೆಸೇಜ್
ಈ ವೇಳೆ ಸಹೋದ್ಯೋಗಿ ಯುವಕ ಎಲ್ಲಾ ಮೆಸೇಜ್ ಗಳಿಗೂ ಉತ್ತರಿಸಿ ಆಟವಾಡಿಸಿದ, ತದನಂತರ ಅಶ್ಲೀಲ ವಿಡಿಯೋಗಳನ್ನು ಕಳುಹಿಸಿದ್ದ ಸವಾದ್, ಬಳಿಕ ಯುವತಿ ನಗ್ನ ವಿಡಿಯೋ ಕಾಲ್ ಮಾಡುವಂತೆ ಒತ್ತಾಯಿಸಿದ್ದ. ಅಲ್ಲದೆ ನಾಳೆ ಮತ್ತೆ ಅಂಗಡಿಯತ್ತ ಬರುತ್ತೇನೆ ಎಂಬ ಸಂದೇಶವನ್ನು ಸವಾದ್ ಕಳುಹಿಸಿದ್ದ. ಮರುದಿನ ಯುವತಿಯನ್ನು ಭೇಟಿಯಾಗಲು ಐಸ್‌ಕ್ರೀಂ, ಚಾಕಲೇಟ್ ಹಿಡಿದುಕೊಂಡು ಬಂದಿದ್ದ ಸವಾದ್, ಅಂಗಡಿ ನುಗ್ಗಿ ಯುವತಿಯ ಬಳಿ ಮಾತನಾಡಲು ಮುಂದಾಗಿ ಅಕೆ ಕಿರುಚಿದ್ದಾಳೆ. ಈ ವೇಳೆ ಮೊದಲೇ ತಯಾರಾಗಿ ನಿಂತಿದ್ದ ಹಿಂದೂ ಯುವಕರು ಸವಾದ್‌ಗೆ ಧರ್ಮದೇಟು ನೀಡಿ, ಪೊಲೀಸರಿಗೆ ಒಪ್ಪಿಸಿದ್ದಾರೆ. ಬೆಂಗಳೂರಿನಲ್ಲಿ ಬಟ್ಟೆ ಅಂಗಡಿಯಲ್ಲಿ ಕೆಲಸ ಮಾಡುವ ಸವಾದ್, ರಂಜಾನ್ ಹಬ್ಬಕ್ಕೆಂದು ಊರಿಗೆ ಬಂದಿದ್ದ.
ಕಿರುಕುಳ
ಪ್ರಯಾಣ ಮಾಡಿದ್ದು, ಹಬ್ಬ ಹಬ್ಬಿದ ನೆಂಡಕೆ ವಿಕೆಟ್ ಬಂತ್ತು ಅಂದರೆ ಟ್ಯಾಕ್ಸಿಗಳಿಗೆ ಬೇಡಿಕೆ ಹೆಚ್ಚಾಗುತ್ತದೆ. ಹೀಗಾಗಿ ನಿತ್ಯ ಶ್ರೀರಾಮ ನವಮಿ ಹಬ್ಬ ಇದೆ ಅಂತ ಕೆಲ ಚಾಲಕರು ಓಲಾ, ಊಬರ್ ಬಿಟ್ಟ ನಮ್ಮ ಯಾತ್ರಿ ಮತ್ತು ರಾಪಿಡೋ ಆಪ್ ಮೂಲಕ ಪ್ರಯಾಣಿಕರನ್ನ ಪಿಕಪ್ ಮಾಡಿಕೊಳ್ಳುತ್ತಿದ್ದರಂತೆ. ಹೀಗಾಗಿ ಎರಡೆರಡು ಆಪ್‌ಗಳಲ್ಲಿ ಕೆಲಸ ಮಾಡುತ್ತೀರಾ ಅಂತ ಕೆಎಸ್‌ಟಿಡಿಸಿ ನೇರಿದಂತೆ ಕೆಲ ಚಾಲಕರು ಕಿರಿಕ್ ಮಾಡಿದ್ದು, ಪ್ರಯಾಣಿಕರ ಪಿಕಪ್‌ಗೆ ಬಂದ ಚಾಲಕರನ್ನ ಅಡ್ಡ ಹಾಕಿದ್ದರಂತೆ. ಅಲ್ಲದೆ ಅಡ್ಡ ಹಾಕಿದ ಟ್ಯಾಕ್ಸಿ ಚಾಲಕರ ಕೀ ಗಳನ್ನ ಕಿತ್ತುಕೊಂಡು ಬಳಿಕ ಆ ಕೀಗಳನ್ನ ಪೊಲೀಸರ ವಶಕ್ಕೆ ನೀಡಿದ್ದು, 20ಕ್ಕೂ ಹೆಚ್ಚು ಟ್ಯಾಕ್ಸಿಗಳನ್ನ ಮೊನ್ನೆ ರಾತ್ರಿಯಿಂದ ನಿಲ್ಲಿಸಲಾಗಿದೆ. ನಿನ್ನೆ ಸಂಜೆಯಿಂದ ನಿಲ್ದಾಣದಲ್ಲಿ ಟ್ಯಾಕ್ಸಿ ಚಾಲಕರ ಸಂಘದವರು ಪ್ರತಿಭಟನೆ ನಡೆಸಿದ್ದು, ಪ್ರಯಾಣಿಕರು ಪರದಾಡುವಂತಾಗಿದೆ.
ಮರಿಯಮ್ಮನಹಳ್ಳಿ ಪಟ್ಟಣದಲ್ಲಿ ಅದ್ದೂರಿಯಾಗಿ ನಡೆಯಿತು
ಲಕ್ಷ್ಮೀನಾರಾಯಣ, ಆಂಜನೇಯ ಸ್ವಾಮಿ ರಥೋತ್ಸವ
ಬಳ್ಳಾರಿ: ವಿಜಯನಗರ ಜಿಲ್ಲೆಯ ಹೊಸಪೇಟೆ ತಾಲೂಕಿನ ಮರಿಯಮ್ಮನಹಳ್ಳಿ ಪಟ್ಟಣದಲ್ಲಿ ಶ್ರೀ ಲಕ್ಷ್ಮೀನಾರಾಯಣ ಸ್ವಾಮಿ ಮತ್ತು ಶ್ರೀ ಆಂಜನೇಯ ಸ್ವಾಮಿ ರಥೋತ್ಸವ ಅದ್ದೂರಿಯಾಗಿ ನಡೆಯಿತು. ಸಾವಿರಾರು ಭಕ್ತರು ಸಂಭ್ರಮದಿಂದ ಭಾಗವಹಿಸಿದ್ದರು. ಹಂಪಿಯ ಶ್ರೀ ವಿದ್ಯಾರಣ್ಯ ಭಾರತೀ ಸ್ವಾಮೀಜಿ ಅವರ ಸಾನ್ನಿಧ್ಯದಲ್ಲಿ ರಥೋತ್ಸವ ನೆರವೇರಿತು. ಹಗರಿಬೊಮ್ಮನಹಳ್ಳಿ ಶಾಸಕ ಕೆ. ನೇಮಿರಾಜ್ ನಾಯ್ಕ ಹಾಗೂ ಜಿಲ್ಲಾಡಳಿತ ಅಧಿಕಾರಿಗಳು ಭಾಗವಹಿಸಿದ್ದರು. ಹಂಪಿ ಶ್ರೀ ಲಕ್ಷ್ಮೀನಾರಾಯಣ ಸ್ವಾಮಿ ಹಾಗೂ ಶ್ರೀ ಆಂಜನೇಯ ಸ್ವಾಮಿ ಜೋಡಿ ರಥೋತ್ಸವ ಶಾಂತಿಯುತವಾಗಿ ನಡೆಯಿತು. ರಥೋತ್ಸವದಲ್ಲಿ 650–700 ವರ್ಷಗಳ ಇತಿಹಾಸ ಇದೆ. ಈ ಸಂದರ್ಭದಲ್ಲಿ ಶ್ರೀ ಲಕ್ಷ್ಮೀನಾರಾಯಣ ಸ್ವಾಮಿ ರಥಕ್ಕೆ ಪೂಜೆ ಸಲ್ಲಿಸಿ ಭಕ್ತರು ಹರಕೆ ತೀರಿಸಿದರು. ಪೊಲೀಸರು ಬಿಗಿ ಬಂದೋಬಸ್ತ್ ಏರ್ಪಡಿಸಿದ್ದರು. ಸಂಜೆ 12.10 ಕ್ಕೆ ರಥ ಎಳೆಯಲಾಯಿತು.
ಈ ಸರ್ಕಾರ ಪೋಸ್ಟ್ ಮಾರ್ಟಂಗೂ ದರ
ವಿಧಿಸಿಬಿಟ್ರೆ ಸಾಯೋದಕ್ಕೂ ಜನ ಹಿಂಜರೀತಾರೆ
ಬೆಂಗಳೂರು: ರಾಜ್ಯ ಸರ್ಕಾರ ಗ್ಯಾರಂಟಿಗಳಿಗೆ ಹಣ ಹೊಂದಿಸಲು ಎಲ್ಲದರ ಮೇಲೂ ದರ ಏರಿಕೆ ಮಾಡುತ್ತಿದೆ. ಇನ್ನು ಪೋಸ್ಟ್ ಮಾರ್ಟಂಗೂ ದರ ವಿಧಿಸಿಬಿಟ್ಟರೆ ಜನ ಸಾಯೋದಕ್ಕೂ ಹಿಂಜರಿಯುತ್ತಾರೆ ಎಂದು ವಿಧಾನ ಪರಿಷತ್ ಸದಸ್ಯ ಸಿ.ಟಿ.ರವಿ ವ್ಯಂಗ್ಯವಾಡಿದರು. ಬೆಂಗಳೂರಿನಲ್ಲಿ ಮಾತನಾಡಿದ ಅವರು, ರಾಜ್ಯ ಕಾಂಗ್ರೆಸ್ ಸರ್ಕಾರ ದರ ಏರಿಕೆ ಸರ್ಕಾರ ಎಂದು ವ್ಯಂಗ್ಯವಾಡಿದರು. ಬೆಲೆ ಏರಿಕೆ ಮೂಲಕ ಜನರ ಜೇಬಿಗೆ ಕತ್ತರಿ ಹಾಕುತ್ತಿದೆ. ಬಿಜೆಪಿ ಕಾರ್ಯಕರ್ತರ ಮೇಲೆ ಸುಳ್ಳು ಕೇಸ್ ಹಾಕಲಾಗುತ್ತಿದೆ. ಕಾರ್ಯಕರ್ತರ ಆತ್ಮಹತ್ಯೆಗೆ ಕಾಂಗ್ರೆಸ್ ಕಾರಣ ಎಂದು ಆರೋಪಿಸಿದರು.
ಅಪಪ್ರಚಾರ ಮಾಡಿದ್ದೀರಿ. ಸುಳ್ಳು ಆರೋಪ ಮಾಡಿ ಕಾಂಗ್ರೆಸ್ ರಾಜಕಾರಣ ಮಾಡುತ್ತಿದೆ. ವಿನಯ್ ಸೋಮಯ್ಯ ಆತ್ಮಹತ್ಯೆ ಪ್ರಕರಣದಲ್ಲಿ ಡೆತ್‌ನೋಟ್ ಬರೆದಿಟ್ಟಿದ್ದರೂ ಶಾಸಕರ ಹೆಸರು ಕೈ ಬಿಡಲಾಗಿದೆ. ಇದೇ ಹೆಚ್ಚೇರಿಯಾಗಿದ್ದರೆ ಬೆಂಕಿ ಬಿಜೆಪಿ ನಾಯಕರ ಮೇಲೆ ಕೇಸ್ ಹಾಕುತ್ತಿದ್ದರು. ರಾಜ್ಯದಲ್ಲಿ ಗೂಂಡಾ ರಾಜ್ಯ ನಡೆಯುತ್ತಿದೆ. ಬಿಜೆಪಿ ಕಾರ್ಯಕರ್ತರ ಬೆನ್ನಿಗೆ ನಾವು ನಿಲ್ಲುತ್ತೇವೆ. ನ್ಯಾಯ ಸಿಗುವವರೆಗೂ ಹೋರಾಟ ನಡೆಸುತ್ತೇವೆ ಎಂದು ಅವರು ಹೇಳಿದರು.
